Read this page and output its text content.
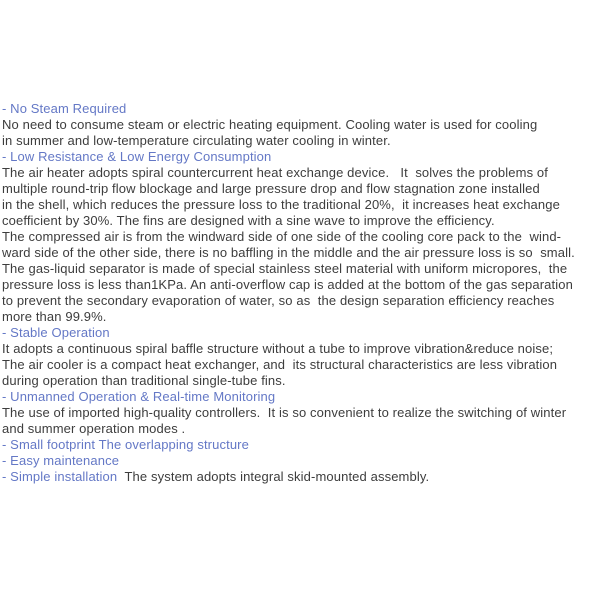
- No Steam Required
No need to consume steam or electric heating equipment. Cooling water is used for cooling
in summer and low-temperature circulating water cooling in winter.
- Low Resistance & Low Energy Consumption
The air heater adopts spiral countercurrent heat exchange device.   It  solves the problems of
multiple round-trip flow blockage and large pressure drop and flow stagnation zone installed
in the shell, which reduces the pressure loss to the traditional 20%,  it increases heat exchange
coefficient by 30%. The fins are designed with a sine wave to improve the efficiency.
The compressed air is from the windward side of one side of the cooling core pack to the  wind-
ward side of the other side, there is no baffling in the middle and the air pressure loss is so  small.
The gas-liquid separator is made of special stainless steel material with uniform micropores,  the
pressure loss is less than1KPa. An anti-overflow cap is added at the bottom of the gas separation
to prevent the secondary evaporation of water, so as  the design separation efficiency reaches
more than 99.9%.
- Stable Operation
It adopts a continuous spiral baffle structure without a tube to improve vibration&reduce noise;
The air cooler is a compact heat exchanger, and  its structural characteristics are less vibration
during operation than traditional single-tube fins.
- Unmanned Operation & Real-time Monitoring
The use of imported high-quality controllers.  It is so convenient to realize the switching of winter
and summer operation modes .
- Small footprint The overlapping structure
- Easy maintenance
- Simple installation  The system adopts integral skid-mounted assembly.
